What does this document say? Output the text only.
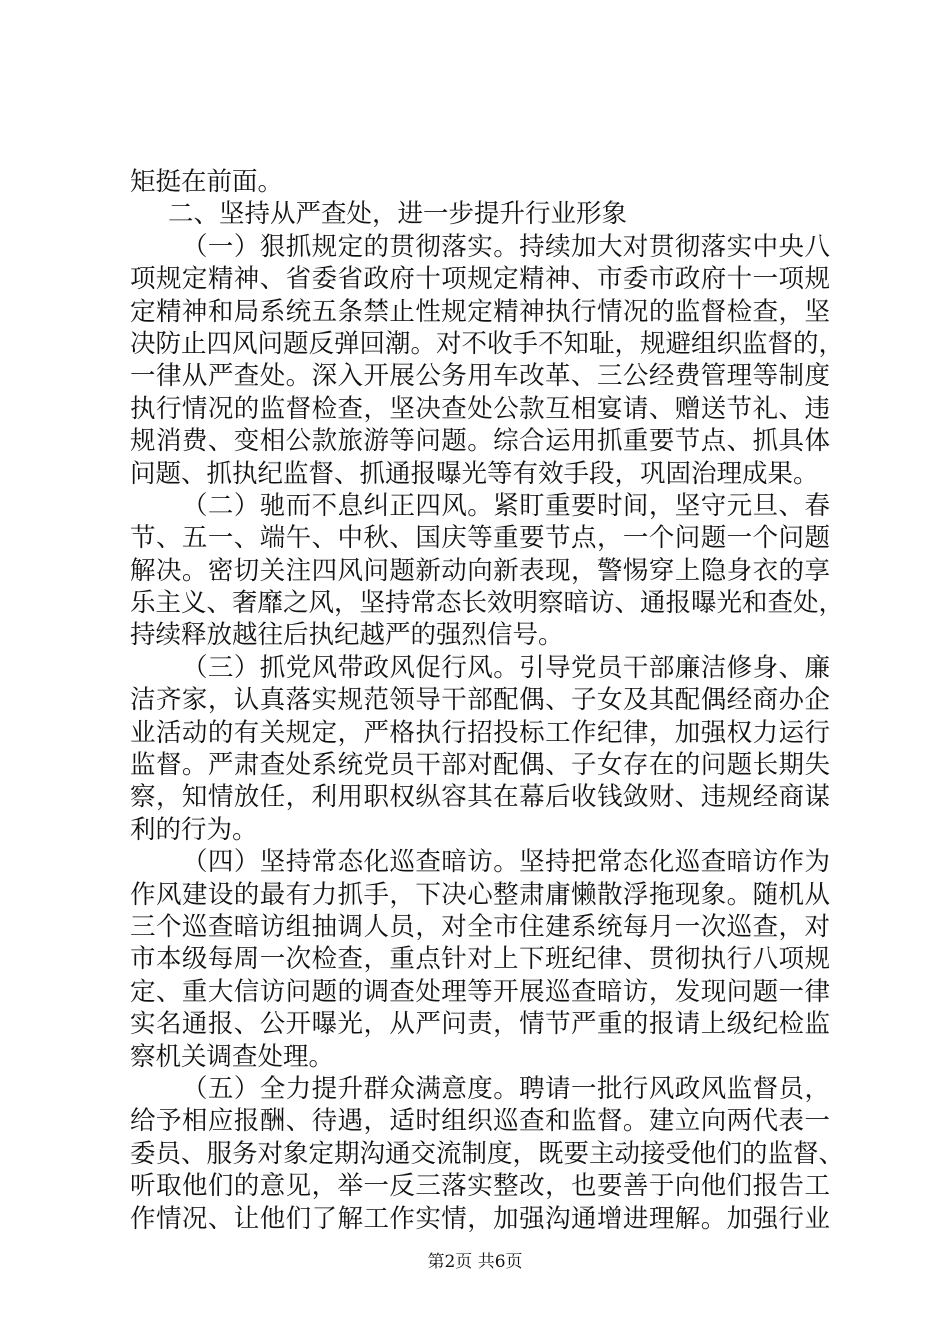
矩挺在前面。
二、坚持从严查处，进一步提升行业形象
（一）狠抓规定的贯彻落实。持续加大对贯彻落实中央八
项规定精神、省委省政府十项规定精神、市委市政府十一项规
定精神和局系统五条禁止性规定精神执行情况的监督检查，坚
决防止四风问题反弹回潮。对不收手不知耻，规避组织监督的，
一律从严查处。深入开展公务用车改革、三公经费管理等制度
执行情况的监督检查，坚决查处公款互相宴请、赠送节礼、违
规消费、变相公款旅游等问题。综合运用抓重要节点、抓具体
问题、抓执纪监督、抓通报曝光等有效手段，巩固治理成果。
（二）驰而不息纠正四风。紧盯重要时间，坚守元旦、春
节、五一、端午、中秋、国庆等重要节点，一个问题一个问题
解决。密切关注四风问题新动向新表现，警惕穿上隐身衣的享
乐主义、奢靡之风，坚持常态长效明察暗访、通报曝光和查处，
持续释放越往后执纪越严的强烈信号。
（三）抓党风带政风促行风。引导党员干部廉洁修身、廉
洁齐家，认真落实规范领导干部配偶、子女及其配偶经商办企
业活动的有关规定，严格执行招投标工作纪律，加强权力运行
监督。严肃查处系统党员干部对配偶、子女存在的问题长期失
察，知情放任，利用职权纵容其在幕后收钱敛财、违规经商谋
利的行为。
（四）坚持常态化巡查暗访。坚持把常态化巡查暗访作为
作风建设的最有力抓手，下决心整肃庸懒散浮拖现象。随机从
三个巡查暗访组抽调人员，对全市住建系统每月一次巡查，对
市本级每周一次检查，重点针对上下班纪律、贯彻执行八项规
定、重大信访问题的调查处理等开展巡查暗访，发现问题一律
实名通报、公开曝光，从严问责，情节严重的报请上级纪检监
察机关调查处理。
（五）全力提升群众满意度。聘请一批行风政风监督员，
给予相应报酬、待遇，适时组织巡查和监督。建立向两代表一
委员、服务对象定期沟通交流制度，既要主动接受他们的监督、
听取他们的意见，举一反三落实整改，也要善于向他们报告工
作情况、让他们了解工作实情，加强沟通增进理解。加强行业
第2页 共6页
